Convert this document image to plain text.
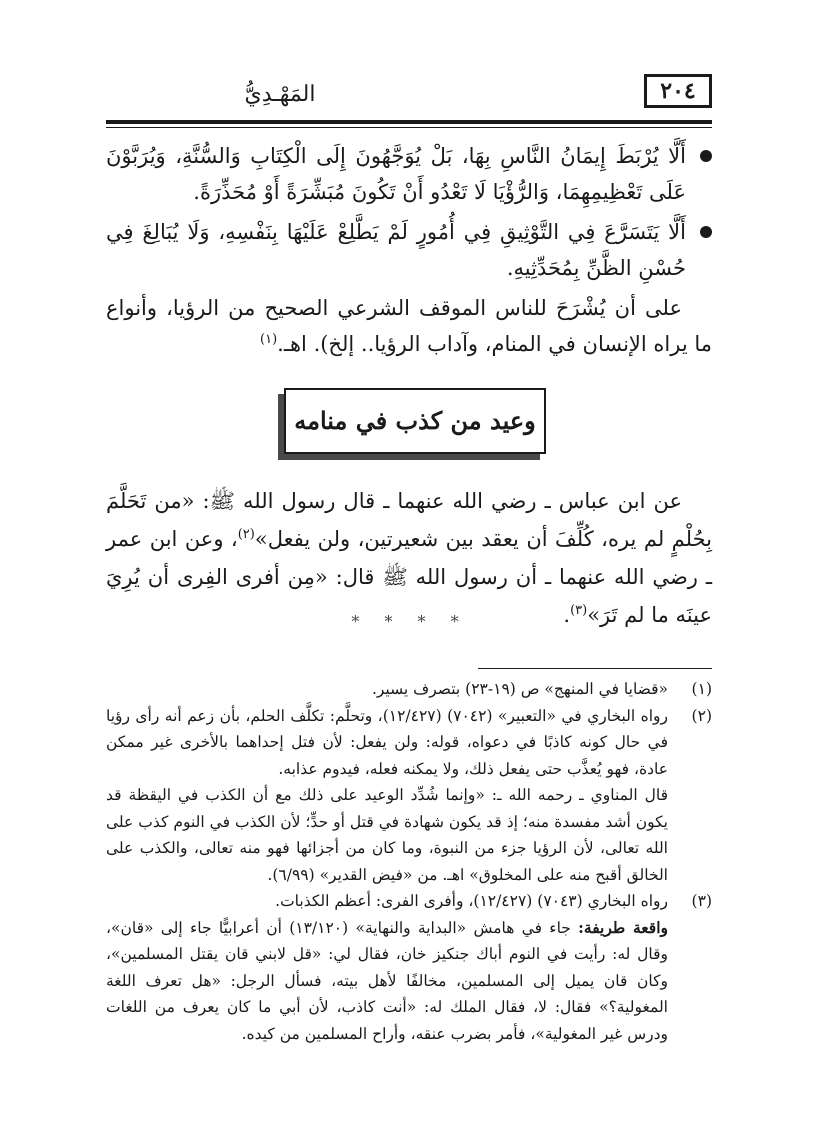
المَهْـدِيُّ	٢٠٤

أَلَّا يُرْبَطَ إِيمَانُ النَّاسِ بِهَا، بَلْ يُوَجَّهُونَ إِلَى الْكِتَابِ وَالسُّنَّةِ، وَيُرَبَّوْنَ عَلَى تَعْظِيمِهِمَا، وَالرُّؤْيَا لَا تَعْدُو أَنْ تَكُونَ مُبَشِّرَةً أَوْ مُحَذِّرَةً.

أَلَّا يَتَسَرَّعَ فِي التَّوْثِيقِ فِي أُمُورٍ لَمْ يَطَّلِعْ عَلَيْهَا بِنَفْسِهِ، وَلَا يُبَالِغَ فِي حُسْنِ الظَّنِّ بِمُحَدِّثِيهِ.

على أن يُشْرَحَ للناس الموقف الشرعي الصحيح من الرؤيا، وأنواع ما يراه الإنسان في المنام، وآداب الرؤيا.. إلخ). اهـ.$^{(١)}$

وعيد من كذب في منامه

عن ابن عباس ـ رضي الله عنهما ـ قال رسول الله ﷺ: «من تَحَلَّمَ بِحُلْمٍ لم يره، كُلِّفَ أن يعقد بين شعيرتين، ولن يفعل»$^{(٢)}$، وعن ابن عمر ـ رضي الله عنهما ـ أن رسول الله ﷺ قال: «مِن أفرى الفِرى أن يُرِيَ عينَه ما لم تَرَ»$^{(٣)}$.

* * * *

(١)
«قضايا في المنهج» ص (١٩-٢٣) بتصرف يسير.

(٢)
رواه البخاري في «التعبير» (٧٠٤٢) (١٢/٤٢٧)، وتحلَّم: تكلَّف الحلم، بأن زعم أنه رأى رؤيا في حال كونه كاذبًا في دعواه، قوله: ولن يفعل: لأن فتل إحداهما بالأخرى غير ممكن عادة، فهو يُعذَّب حتى يفعل ذلك، ولا يمكنه فعله، فيدوم عذابه.

قال المناوي ـ رحمه الله ـ: «وإنما شُدِّد الوعيد على ذلك مع أن الكذب في اليقظة قد يكون أشد مفسدة منه؛ إذ قد يكون شهادة في قتل أو حدٍّ؛ لأن الكذب في النوم كذب على الله تعالى، لأن الرؤيا جزء من النبوة، وما كان من أجزائها فهو منه تعالى، والكذب على الخالق أقبح منه على المخلوق» اهـ. من «فيض القدير» (٦/٩٩).

(٣)
رواه البخاري (٧٠٤٣) (١٢/٤٢٧)، وأفرى الفرى: أعظم الكذبات.

واقعة طريفة: جاء في هامش «البداية والنهاية» (١٣/١٢٠) أن أعرابيًّا جاء إلى «قان»، وقال له: رأيت في النوم أباك جنكيز خان، فقال لي: «قل لابني قان يقتل المسلمين»، وكان قان يميل إلى المسلمين، مخالفًا لأهل بيته، فسأل الرجل: «هل تعرف اللغة المغولية؟» فقال: لا، فقال الملك له: «أنت كاذب، لأن أبي ما كان يعرف من اللغات ودرس غير المغولية»، فأمر بضرب عنقه، وأراح المسلمين من كيده.
